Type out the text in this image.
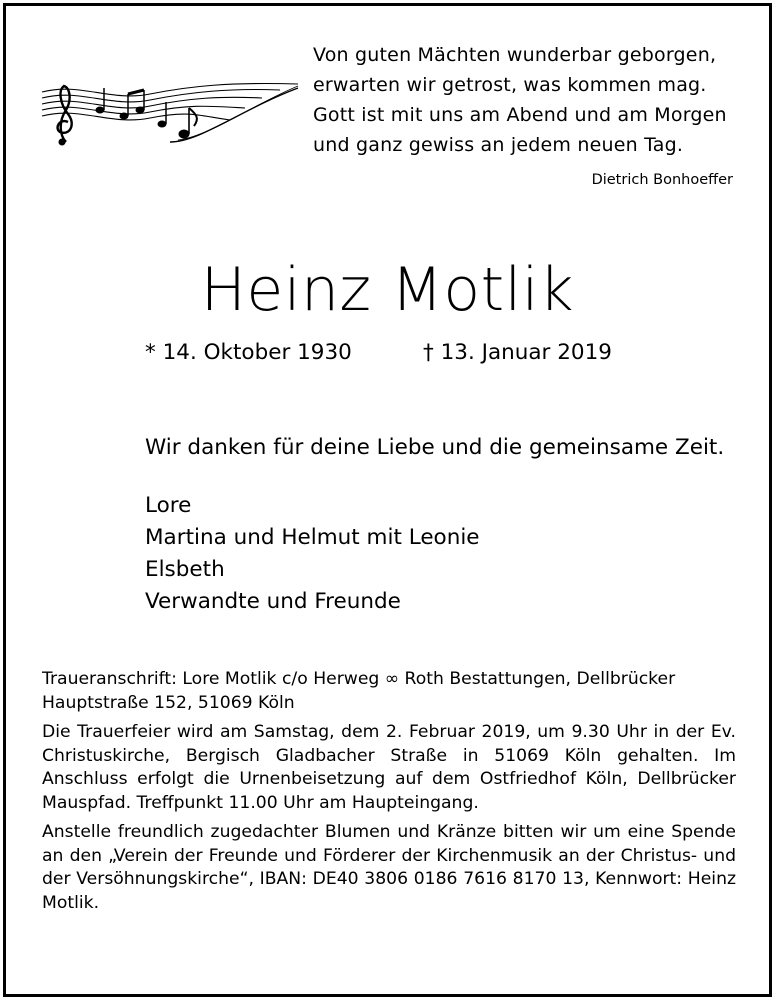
Von guten Mächten wunderbar geborgen,
erwarten wir getrost, was kommen mag.
Gott ist mit uns am Abend und am Morgen
und ganz gewiss an jedem neuen Tag.
Dietrich Bonhoeffer
Heinz Motlik
* 14. Oktober 1930	† 13. Januar 2019
Wir danken für deine Liebe und die gemeinsame Zeit.
Lore
Martina und Helmut mit Leonie
Elsbeth
Verwandte und Freunde

Traueranschrift: Lore Motlik c/o Herweg ∞ Roth Bestattungen, Dellbrücker Hauptstraße 152, 51069 Köln

Die Trauerfeier wird am Samstag, dem 2. Februar 2019, um 9.30 Uhr in der Ev. Christuskirche, Bergisch Gladbacher Straße in 51069 Köln gehalten. Im Anschluss erfolgt die Urnenbeisetzung auf dem Ostfriedhof Köln, Dellbrücker Mauspfad. Treffpunkt 11.00 Uhr am Haupteingang.

Anstelle freundlich zugedachter Blumen und Kränze bitten wir um eine Spende an den „Verein der Freunde und Förderer der Kirchenmusik an der Christus- und der Versöhnungskirche“, IBAN: DE40 3806 0186 7616 8170 13, Kennwort: Heinz Motlik.
